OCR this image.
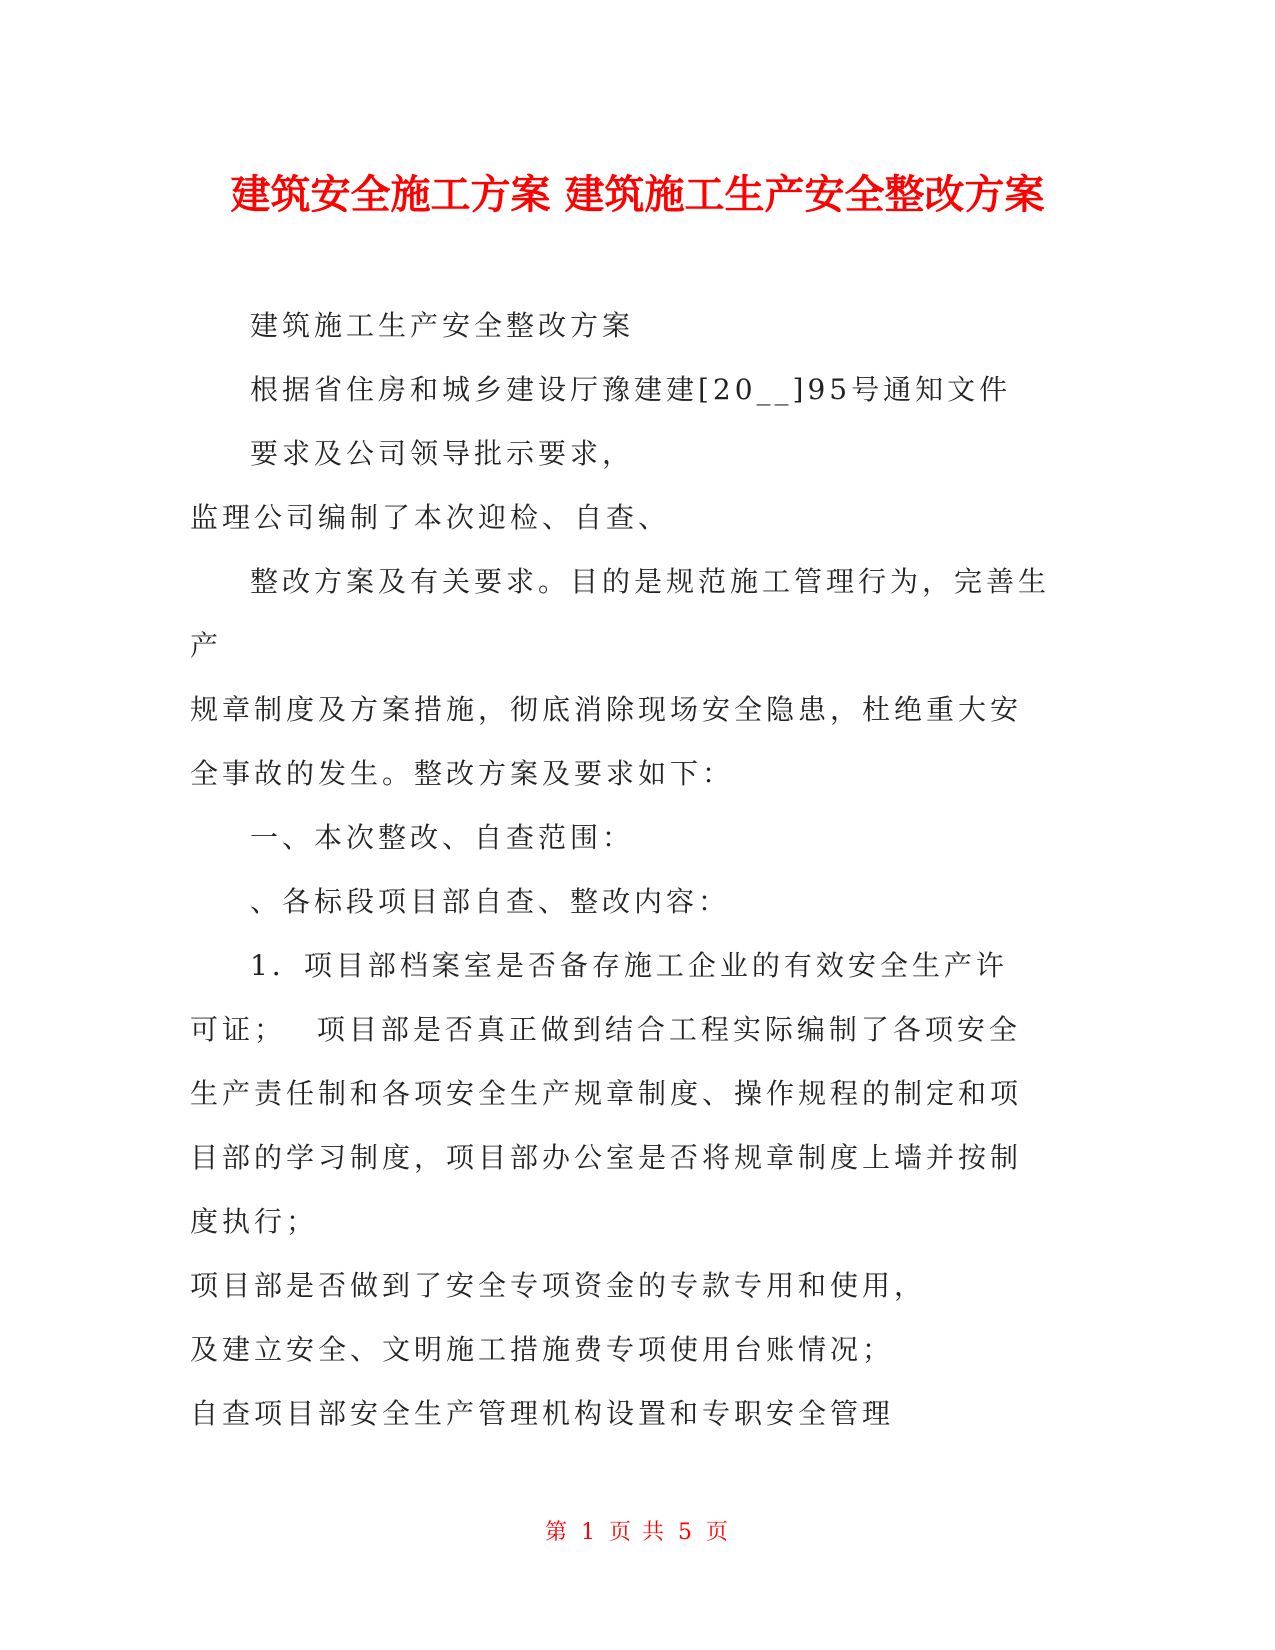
建筑安全施工方案 建筑施工生产安全整改方案
建筑施工生产安全整改方案
根据省住房和城乡建设厅豫建建[20__]95号通知文件
要求及公司领导批示要求，
监理公司编制了本次迎检、自查、
整改方案及有关要求。目的是规范施工管理行为，完善生
产
规章制度及方案措施，彻底消除现场安全隐患，杜绝重大安
全事故的发生。整改方案及要求如下：
一、本次整改、自查范围：
、各标段项目部自查、整改内容：
1．项目部档案室是否备存施工企业的有效安全生产许
可证；　 项目部是否真正做到结合工程实际编制了各项安全
生产责任制和各项安全生产规章制度、操作规程的制定和项
目部的学习制度，项目部办公室是否将规章制度上墙并按制
度执行；
项目部是否做到了安全专项资金的专款专用和使用，
及建立安全、文明施工措施费专项使用台账情况；
自查项目部安全生产管理机构设置和专职安全管理
第 1 页 共 5 页
